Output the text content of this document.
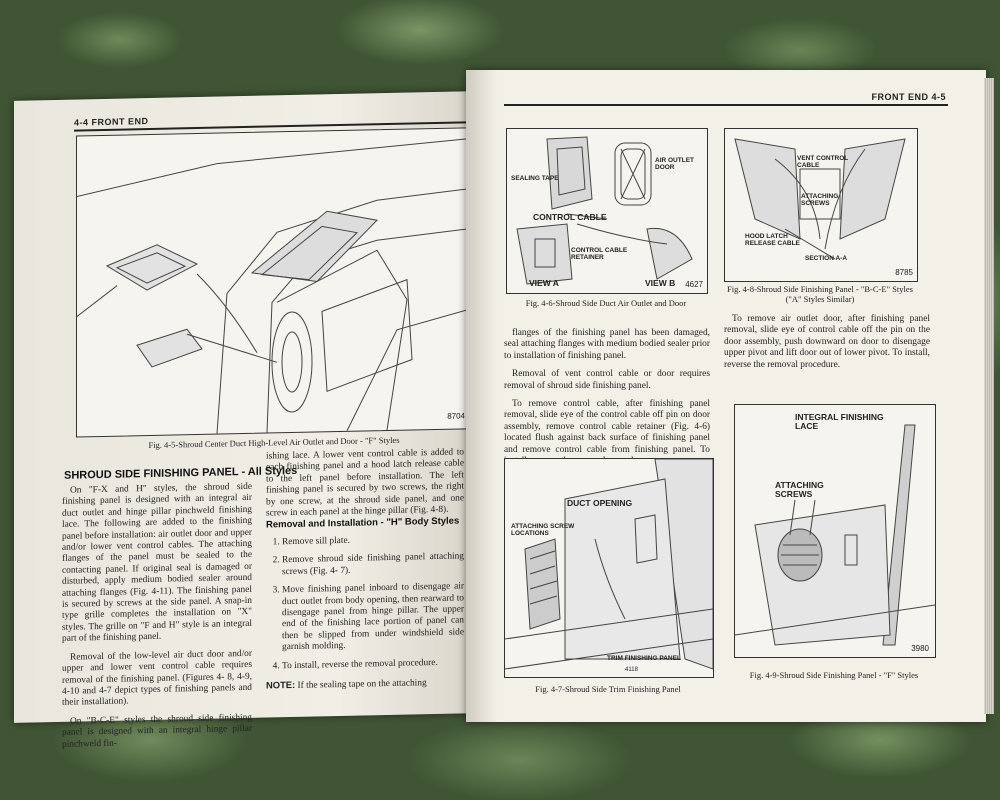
4-4 FRONT END
8704
Fig. 4-5-Shroud Center Duct High-Level Air Outlet and Door - "F" Styles
SHROUD SIDE FINISHING PANEL - All Styles

On "F-X and H" styles, the shroud side finishing panel is designed with an integral air duct outlet and hinge pillar pinchweld finishing lace. The following are added to the finishing panel before installation: air outlet door and upper and/or lower vent control cables. The attaching flanges of the panel must be sealed to the contacting panel. If original seal is damaged or disturbed, apply medium bodied sealer around attaching flanges (Fig. 4-11). The finishing panel is secured by screws at the side panel. A snap-in type grille completes the installation on "X" styles. The grille on "F and H" style is an integral part of the finishing panel.

Removal of the low-level air duct door and/or upper and lower vent control cable requires removal of the finishing panel. (Figures 4- 8, 4-9, 4-10 and 4-7 depict types of finishing panels and their installation).

On "B-C-E" styles the shroud side finishing panel is designed with an integral hinge pillar pinchweld fin-

ishing lace. A lower vent control cable is added to each finishing panel and a hood latch release cable to the left panel before installation. The left finishing panel is secured by two screws, the right by one screw, at the shroud side panel, and one screw in each panel at the hinge pillar (Fig. 4-8).

Removal and Installation - "H" Body Styles
1. Remove sill plate.
2. Remove shroud side finishing panel attaching screws (Fig. 4- 7).
3. Move finishing panel inboard to disengage air duct outlet from body opening, then rearward to disengage panel from hinge pillar. The upper end of the finishing lace portion of panel can then be slipped from under windshield side garnish molding.
4. To install, reverse the removal procedure.
NOTE: If the sealing tape on the attaching
FRONT END 4-5
SEALING TAPE
AIR OUTLET DOOR
CONTROL CABLE
CONTROL CABLE RETAINER
VIEW A	VIEW B 4627
Fig. 4-6-Shroud Side Duct Air Outlet and Door
VENT CONTROL CABLE
ATTACHING SCREWS
HOOD LATCH RELEASE CABLE
SECTION A-A
8785
Fig. 4-8-Shroud Side Finishing Panel - "B-C-E" Styles ("A" Styles Similar)

To remove air outlet door, after finishing panel removal, slide eye of control cable off the pin on the door assembly, push downward on door to disengage upper pivot and lift door out of lower pivot. To install, reverse the removal procedure.

flanges of the finishing panel has been damaged, seal attaching flanges with medium bodied sealer prior to installation of finishing panel.

Removal of vent control cable or door requires removal of shroud side finishing panel.

To remove control cable, after finishing panel removal, slide eye of the control cable off pin on door assembly, remove control cable retainer (Fig. 4-6) located flush against back surface of finishing panel and remove control cable from finishing panel. To

DUCT OPENING
ATTACHING SCREW LOCATIONS
TRIM FINISHING PANEL
4118
Fig. 4-7-Shroud Side Trim Finishing Panel
INTEGRAL FINISHING LACE
ATTACHING SCREWS
3980
Fig. 4-9-Shroud Side Finishing Panel - "F" Styles
